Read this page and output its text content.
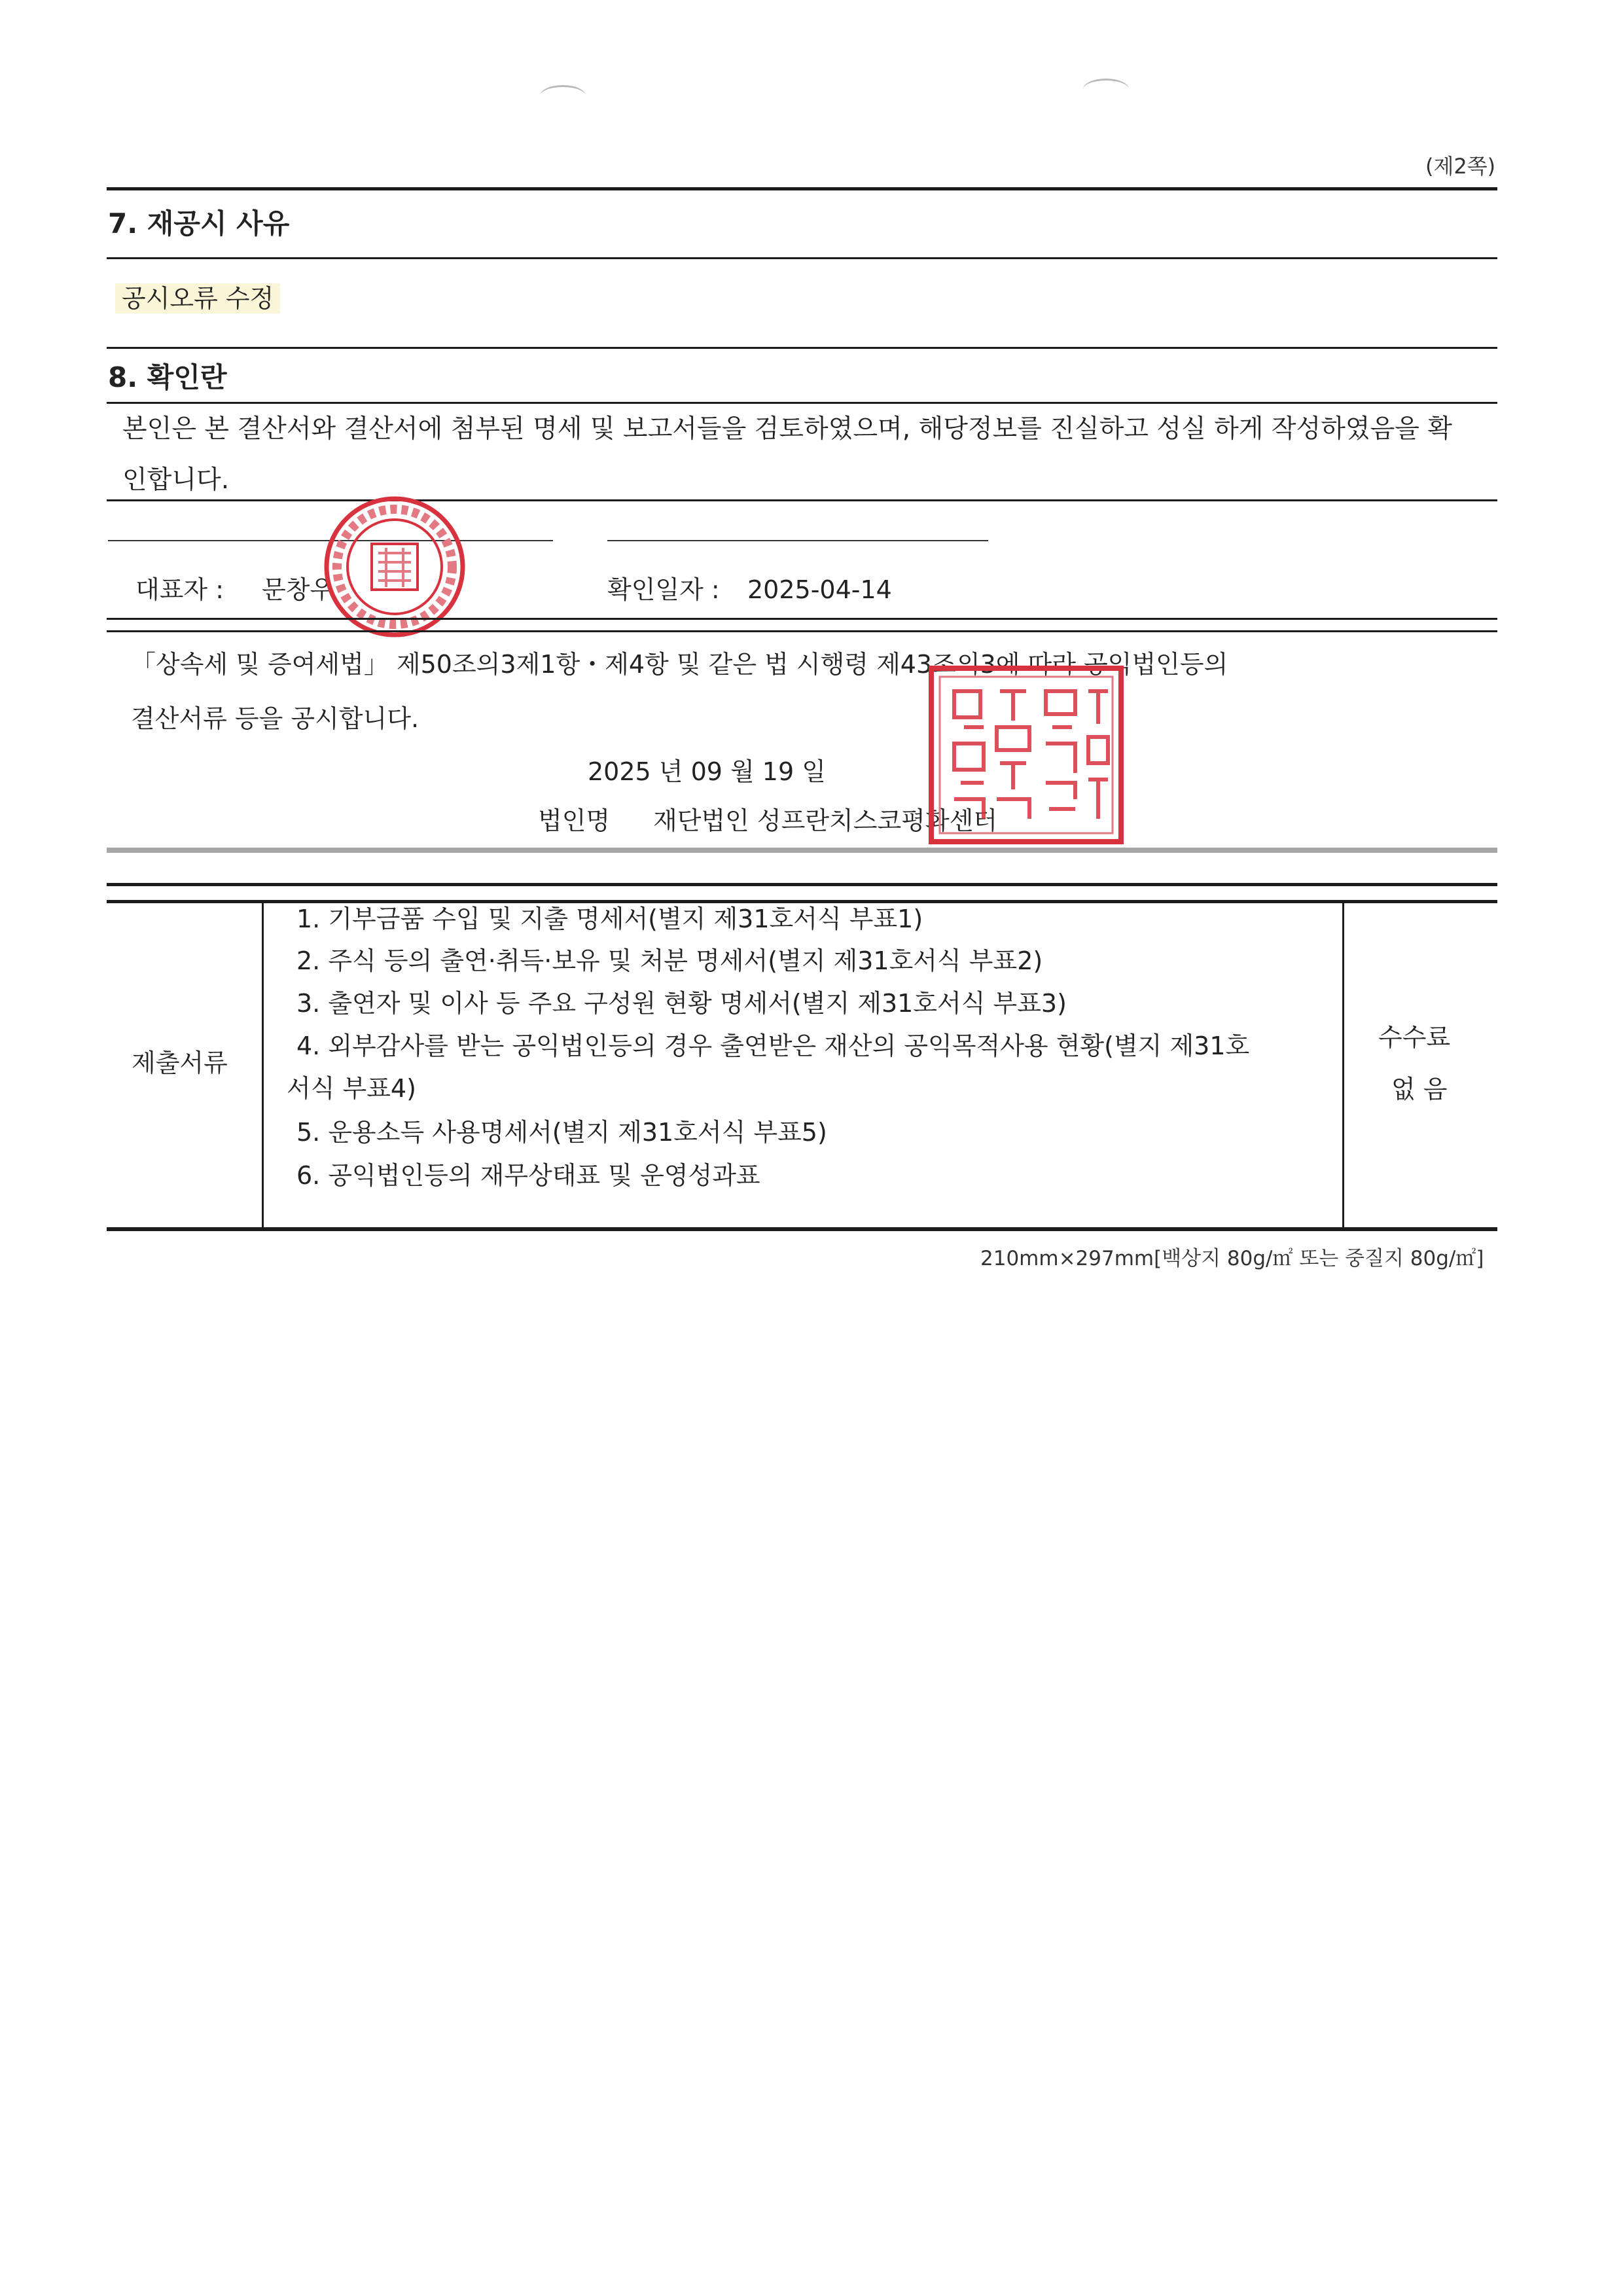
(제2쪽)
7. 재공시 사유
공시오류 수정
8. 확인란
본인은 본 결산서와 결산서에 첨부된 명세 및 보고서들을 검토하였으며, 해당정보를 진실하고 성실 하게 작성하였음을 확
인합니다.
대표자 : 문창우	확인일자 : 2025-04-14
「상속세 및 증여세법」 제50조의3제1항・제4항 및 같은 법 시행령 제43조의3에 따라 공익법인등의
결산서류 등을 공시합니다.
2025 년 09 월 19 일
법인명 재단법인 성프란치스코평화센터
제출서류
1. 기부금품 수입 및 지출 명세서(별지 제31호서식 부표1)
2. 주식 등의 출연·취득·보유 및 처분 명세서(별지 제31호서식 부표2)
3. 출연자 및 이사 등 주요 구성원 현황 명세서(별지 제31호서식 부표3)
4. 외부감사를 받는 공익법인등의 경우 출연받은 재산의 공익목적사용 현황(별지 제31호
서식 부표4)
5. 운용소득 사용명세서(별지 제31호서식 부표5)
6. 공익법인등의 재무상태표 및 운영성과표
수수료
없 음
210mm×297mm[백상지 80g/㎡ 또는 중질지 80g/㎡]
